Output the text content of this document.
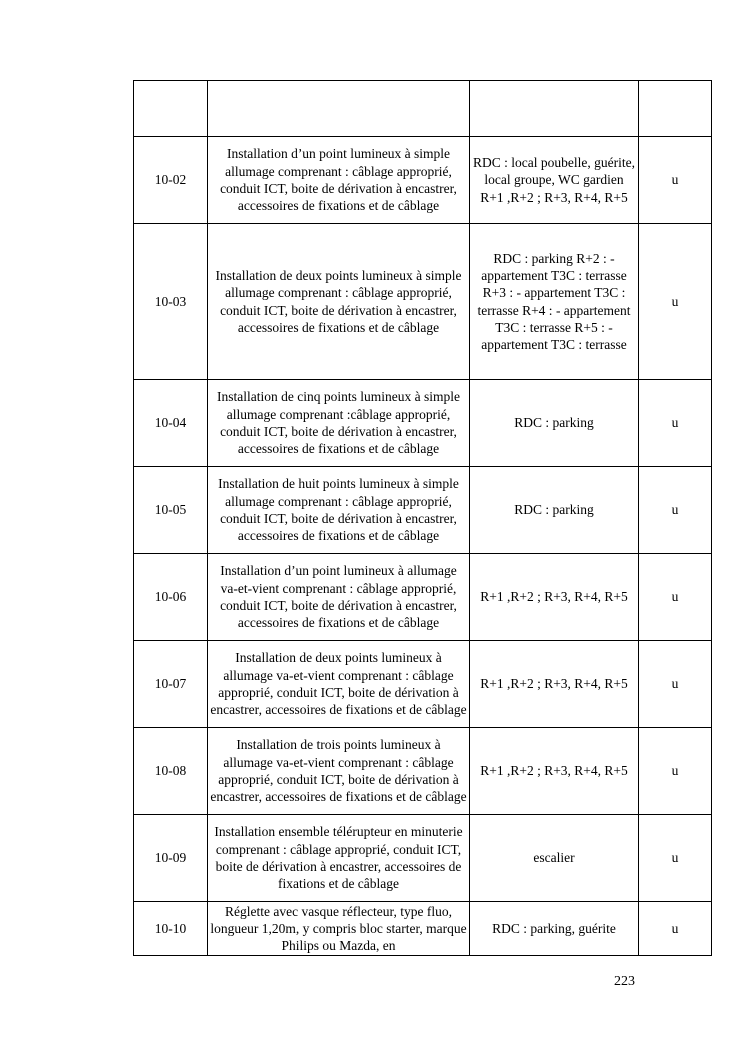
10-02	Installation d’un point lumineux à simple allumage comprenant : câblage approprié, conduit ICT, boite de dérivation à encastrer, accessoires de fixations et de câblage	RDC : local poubelle, guérite, local groupe, WC gardien R+1 ,R+2 ; R+3, R+4, R+5	u
10-03	Installation de deux points lumineux à simple allumage comprenant : câblage approprié, conduit ICT, boite de dérivation à encastrer, accessoires de fixations et de câblage	RDC : parking R+2 : - appartement T3C : terrasse R+3 : - appartement T3C : terrasse R+4 : - appartement T3C : terrasse R+5 : - appartement T3C : terrasse	u
10-04	Installation de cinq points lumineux à simple allumage comprenant :câblage approprié, conduit ICT, boite de dérivation à encastrer, accessoires de fixations et de câblage	RDC : parking	u
10-05	Installation de huit points lumineux à simple allumage comprenant : câblage approprié, conduit ICT, boite de dérivation à encastrer, accessoires de fixations et de câblage	RDC : parking	u
10-06	Installation d’un point lumineux à allumage va-et-vient comprenant : câblage approprié, conduit ICT, boite de dérivation à encastrer, accessoires de fixations et de câblage	R+1 ,R+2 ; R+3, R+4, R+5	u
10-07	Installation de deux points lumineux à allumage va-et-vient comprenant : câblage approprié, conduit ICT, boite de dérivation à encastrer, accessoires de fixations et de câblage	R+1 ,R+2 ; R+3, R+4, R+5	u
10-08	Installation de trois points lumineux à allumage va-et-vient comprenant : câblage approprié, conduit ICT, boite de dérivation à encastrer, accessoires de fixations et de câblage	R+1 ,R+2 ; R+3, R+4, R+5	u
10-09	Installation ensemble télérupteur en minuterie comprenant : câblage approprié, conduit ICT, boite de dérivation à encastrer, accessoires de fixations et de câblage	escalier	u
10-10	Réglette avec vasque réflecteur, type fluo, longueur 1,20m, y compris bloc starter, marque Philips ou Mazda, en	RDC : parking, guérite	u
223
